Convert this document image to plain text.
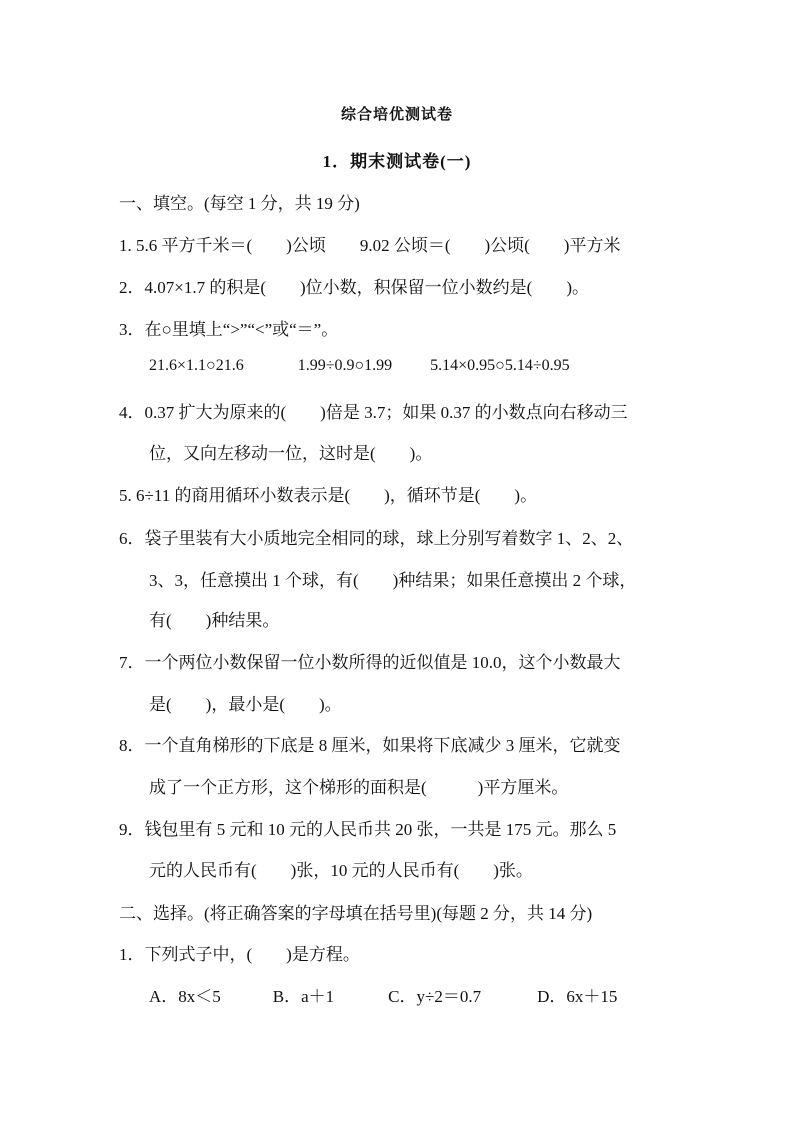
综合培优测试卷
1．期末测试卷(一)
一、填空。(每空 1 分，共 19 分)
1. 5.6 平方千米＝(　　)公顷　　9.02 公顷＝(　　)公顷(　　)平方米
2．4.07×1.7 的积是(　　)位小数，积保留一位小数约是(　　)。
3．在○里填上“>”“<”或“＝”。
21.6×1.1○21.6	1.99÷0.9○1.99 5.14×0.95○5.14÷0.95
4．0.37 扩大为原来的(　　)倍是 3.7；如果 0.37 的小数点向右移动三
位，又向左移动一位，这时是(　　)。
5. 6÷11 的商用循环小数表示是(　　)，循环节是(　　)。
6．袋子里装有大小质地完全相同的球，球上分别写着数字 1、2、2、
3、3，任意摸出 1 个球，有(　　)种结果；如果任意摸出 2 个球，
有(　　)种结果。
7．一个两位小数保留一位小数所得的近似值是 10.0，这个小数最大
是(　　)，最小是(　　)。
8．一个直角梯形的下底是 8 厘米，如果将下底减少 3 厘米，它就变
成了一个正方形，这个梯形的面积是(　　　)平方厘米。
9．钱包里有 5 元和 10 元的人民币共 20 张，一共是 175 元。那么 5
元的人民币有(　　)张，10 元的人民币有(　　)张。
二、选择。(将正确答案的字母填在括号里)(每题 2 分，共 14 分)
1．下列式子中，(　　)是方程。
A．8x＜5	B．a＋1	C．y÷2＝0.7	D．6x＋15
